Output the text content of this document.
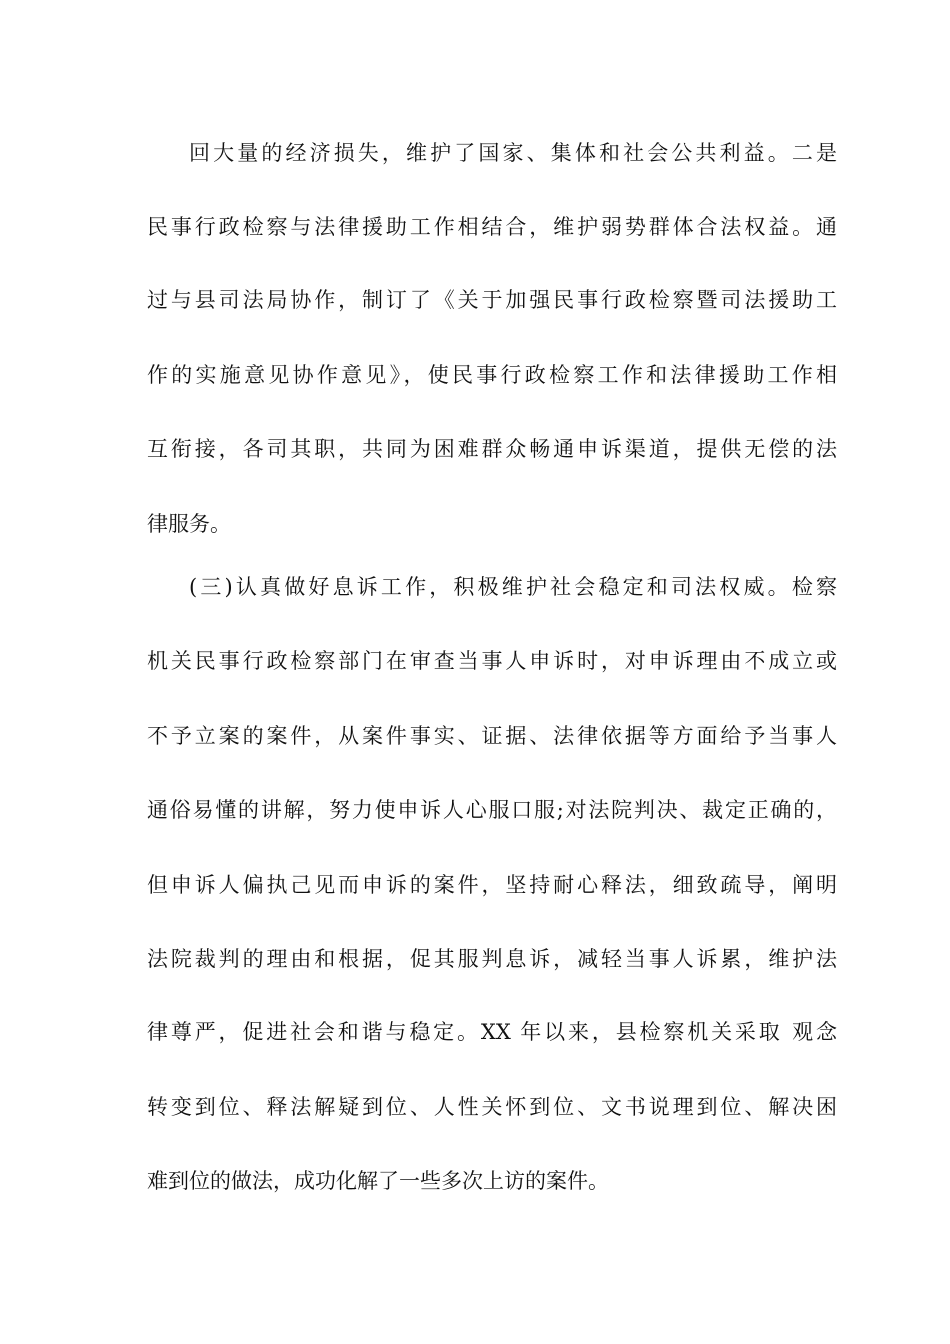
回大量的经济损失，维护了国家、集体和社会公共利益。二是
民事行政检察与法律援助工作相结合，维护弱势群体合法权益。通
过与县司法局协作，制订了《关于加强民事行政检察暨司法援助工
作的实施意见协作意见》，使民事行政检察工作和法律援助工作相
互衔接，各司其职，共同为困难群众畅通申诉渠道，提供无偿的法
律服务。
(三)认真做好息诉工作，积极维护社会稳定和司法权威。检察
机关民事行政检察部门在审查当事人申诉时，对申诉理由不成立或
不予立案的案件，从案件事实、证据、法律依据等方面给予当事人
通俗易懂的讲解，努力使申诉人心服口服;对法院判决、裁定正确的，
但申诉人偏执己见而申诉的案件，坚持耐心释法，细致疏导，阐明
法院裁判的理由和根据，促其服判息诉，减轻当事人诉累，维护法
律尊严，促进社会和谐与稳定。XX 年以来，县检察机关采取 观念
转变到位、释法解疑到位、人性关怀到位、文书说理到位、解决困
难到位的做法，成功化解了一些多次上访的案件。
